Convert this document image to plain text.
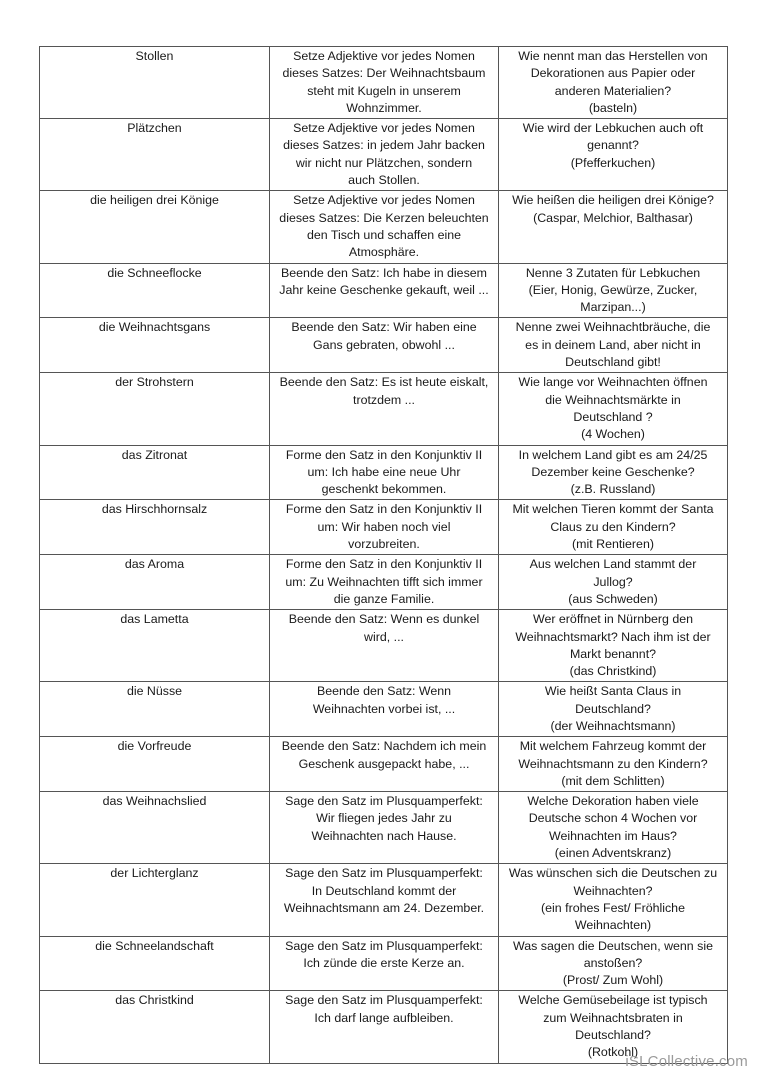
Stollen	Setze Adjektive vor jedes Nomen
dieses Satzes: Der Weihnachtsbaum
steht mit Kugeln in unserem
Wohnzimmer.	Wie nennt man das Herstellen von
Dekorationen aus Papier oder
anderen Materialien?
(basteln)

Plätzchen	Setze Adjektive vor jedes Nomen
dieses Satzes: in jedem Jahr backen
wir nicht nur Plätzchen, sondern
auch Stollen.	Wie wird der Lebkuchen auch oft
genannt?
(Pfefferkuchen)

die heiligen drei Könige	Setze Adjektive vor jedes Nomen
dieses Satzes: Die Kerzen beleuchten
den Tisch und schaffen eine
Atmosphäre.	Wie heißen die heiligen drei Könige?
(Caspar, Melchior, Balthasar)

die Schneeflocke	Beende den Satz: Ich habe in diesem
Jahr keine Geschenke gekauft, weil ...	Nenne 3 Zutaten für Lebkuchen
(Eier, Honig, Gewürze, Zucker,
Marzipan...)

die Weihnachtsgans	Beende den Satz: Wir haben eine
Gans gebraten, obwohl ...	Nenne zwei Weihnachtbräuche, die
es in deinem Land, aber nicht in
Deutschland gibt!

der Strohstern	Beende den Satz: Es ist heute eiskalt,
trotzdem ...	Wie lange vor Weihnachten öffnen
die Weihnachtsmärkte in
Deutschland ?
(4 Wochen)

das Zitronat	Forme den Satz in den Konjunktiv II
um: Ich habe eine neue Uhr
geschenkt bekommen.	In welchem Land gibt es am 24/25
Dezember keine Geschenke?
(z.B. Russland)

das Hirschhornsalz	Forme den Satz in den Konjunktiv II
um: Wir haben noch viel
vorzubreiten.	Mit welchen Tieren kommt der Santa
Claus zu den Kindern?
(mit Rentieren)

das Aroma	Forme den Satz in den Konjunktiv II
um: Zu Weihnachten tifft sich immer
die ganze Familie.	Aus welchen Land stammt der
Jullog?
(aus Schweden)

das Lametta	Beende den Satz: Wenn es dunkel
wird, ...	Wer eröffnet in Nürnberg den
Weihnachtsmarkt? Nach ihm ist der
Markt benannt?
(das Christkind)

die Nüsse	Beende den Satz: Wenn
Weihnachten vorbei ist, ...	Wie heißt Santa Claus in
Deutschland?
(der Weihnachtsmann)

die Vorfreude	Beende den Satz: Nachdem ich mein
Geschenk ausgepackt habe, ...	Mit welchem Fahrzeug kommt der
Weihnachtsmann zu den Kindern?
(mit dem Schlitten)

das Weihnachslied	Sage den Satz im Plusquamperfekt:
Wir fliegen jedes Jahr zu
Weihnachten nach Hause.	Welche Dekoration haben viele
Deutsche schon 4 Wochen vor
Weihnachten im Haus?
(einen Adventskranz)

der Lichterglanz	Sage den Satz im Plusquamperfekt:
In Deutschland kommt der
Weihnachtsmann am 24. Dezember.	Was wünschen sich die Deutschen zu
Weihnachten?
(ein frohes Fest/ Fröhliche
Weihnachten)

die Schneelandschaft	Sage den Satz im Plusquamperfekt:
Ich zünde die erste Kerze an.	Was sagen die Deutschen, wenn sie
anstoßen?
(Prost/ Zum Wohl)

das Christkind	Sage den Satz im Plusquamperfekt:
Ich darf lange aufbleiben.	Welche Gemüsebeilage ist typisch
zum Weihnachtsbraten in
Deutschland?
(Rotkohl)
iSLCollective.com
